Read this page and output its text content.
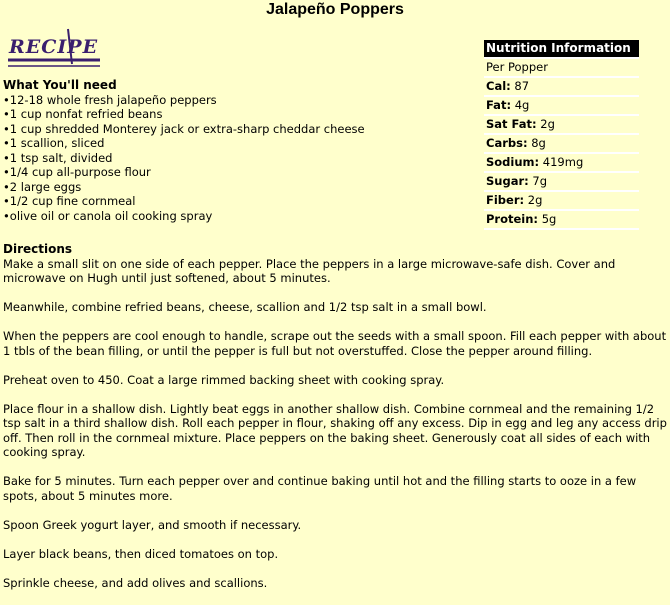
Jalapeño Poppers
RECIPE
What You'll need
• 12-18 whole fresh jalapeño peppers
• 1 cup nonfat refried beans
• 1 cup shredded Monterey jack or extra-sharp cheddar cheese
• 1 scallion, sliced
• 1 tsp salt, divided
• 1/4 cup all-purpose flour
• 2 large eggs
• 1/2 cup fine cornmeal
• olive oil or canola oil cooking spray
Nutrition Information
Per Popper
Cal: 87
Fat: 4g
Sat Fat: 2g
Carbs: 8g
Sodium: 419mg
Sugar: 7g
Fiber: 2g
Protein: 5g
Directions

Make a small slit on one side of each pepper. Place the peppers in a large microwave-safe dish. Cover and microwave on Hugh until just softened, about 5 minutes.

Meanwhile, combine refried beans, cheese, scallion and 1/2 tsp salt in a small bowl.

When the peppers are cool enough to handle, scrape out the seeds with a small spoon. Fill each pepper with about 1 tbls of the bean filling, or until the pepper is full but not overstuffed. Close the pepper around filling.

Preheat oven to 450. Coat a large rimmed backing sheet with cooking spray.

Place flour in a shallow dish. Lightly beat eggs in another shallow dish. Combine cornmeal and the remaining 1/2 tsp salt in a third shallow dish. Roll each pepper in flour, shaking off any excess. Dip in egg and leg any access drip off. Then roll in the cornmeal mixture. Place peppers on the baking sheet. Generously coat all sides of each with cooking spray.

Bake for 5 minutes. Turn each pepper over and continue baking until hot and the filling starts to ooze in a few spots, about 5 minutes more.

Spoon Greek yogurt layer, and smooth if necessary.

Layer black beans, then diced tomatoes on top.

Sprinkle cheese, and add olives and scallions.
